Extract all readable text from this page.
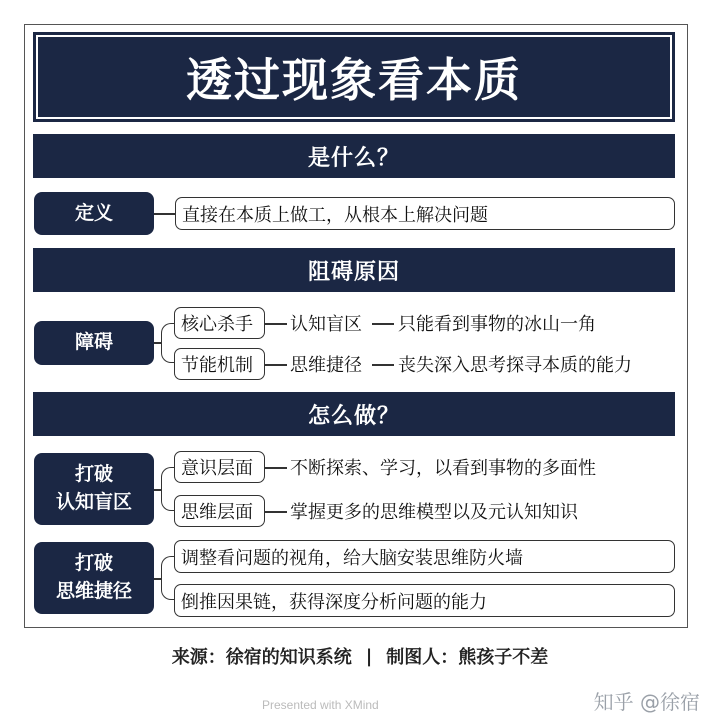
透过现象看本质
是什么？
定义	直接在本质上做工，从根本上解决问题
阻碍原因
障碍
核心杀手	认知盲区 只能看到事物的冰山一角
节能机制	思维捷径 丧失深入思考探寻本质的能力
怎么做？
打破
认知盲区
意识层面	不断探索、学习，以看到事物的多面性
思维层面	掌握更多的思维模型以及元认知知识
打破
思维捷径
调整看问题的视角，给大脑安装思维防火墙
倒推因果链，获得深度分析问题的能力
来源：徐宿的知识系统 | 制图人：熊孩子不差
Presented with XMind	知乎 @徐宿
